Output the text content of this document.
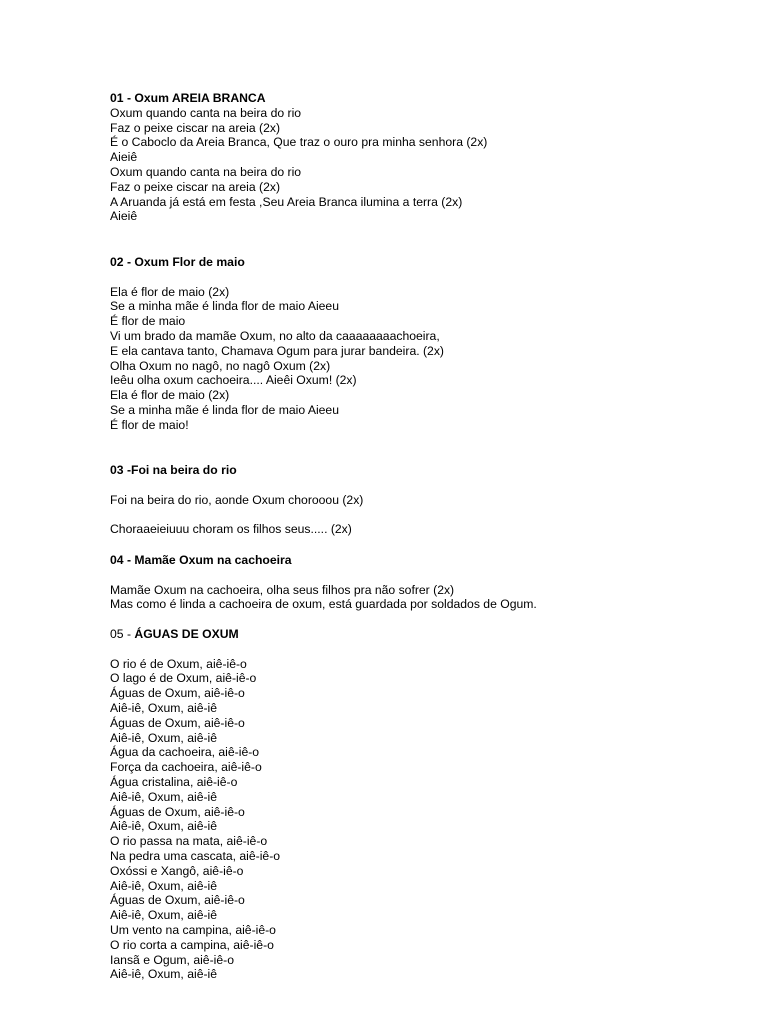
01 - Oxum AREIA BRANCA
Oxum quando canta na beira do rio
Faz o peixe ciscar na areia (2x)
É o Caboclo da Areia Branca, Que traz o ouro pra minha senhora (2x)
Aieiê
Oxum quando canta na beira do rio
Faz o peixe ciscar na areia (2x)
A Aruanda já está em festa ,Seu Areia Branca ilumina a terra (2x)
Aieiê
02 - Oxum Flor de maio
Ela é flor de maio (2x)
Se a minha mãe é linda flor de maio Aieeu
É flor de maio
Vi um brado da mamãe Oxum, no alto da caaaaaaaachoeira,
E ela cantava tanto, Chamava Ogum para jurar bandeira. (2x)
Olha Oxum no nagô, no nagô Oxum (2x)
Ieêu olha oxum cachoeira.... Aieêi Oxum! (2x)
Ela é flor de maio (2x)
Se a minha mãe é linda flor de maio Aieeu
É flor de maio!
03 -Foi na beira do rio
Foi na beira do rio, aonde Oxum chorooou (2x)
Choraaeieiuuu choram os filhos seus..... (2x)
04 - Mamãe Oxum na cachoeira
Mamãe Oxum na cachoeira, olha seus filhos pra não sofrer (2x)
Mas como é linda a cachoeira de oxum, está guardada por soldados de Ogum.
05 - ÁGUAS DE OXUM
O rio é de Oxum, aiê-iê-o
O lago é de Oxum, aiê-iê-o
Águas de Oxum, aiê-iê-o
Aiê-iê, Oxum, aiê-iê
Águas de Oxum, aiê-iê-o
Aiê-iê, Oxum, aiê-iê
Água da cachoeira, aiê-iê-o
Força da cachoeira, aiê-iê-o
Água cristalina, aiê-iê-o
Aiê-iê, Oxum, aiê-iê
Águas de Oxum, aiê-iê-o
Aiê-iê, Oxum, aiê-iê
O rio passa na mata, aiê-iê-o
Na pedra uma cascata, aiê-iê-o
Oxóssi e Xangô, aiê-iê-o
Aiê-iê, Oxum, aiê-iê
Águas de Oxum, aiê-iê-o
Aiê-iê, Oxum, aiê-iê
Um vento na campina, aiê-iê-o
O rio corta a campina, aiê-iê-o
Iansã e Ogum, aiê-iê-o
Aiê-iê, Oxum, aiê-iê
